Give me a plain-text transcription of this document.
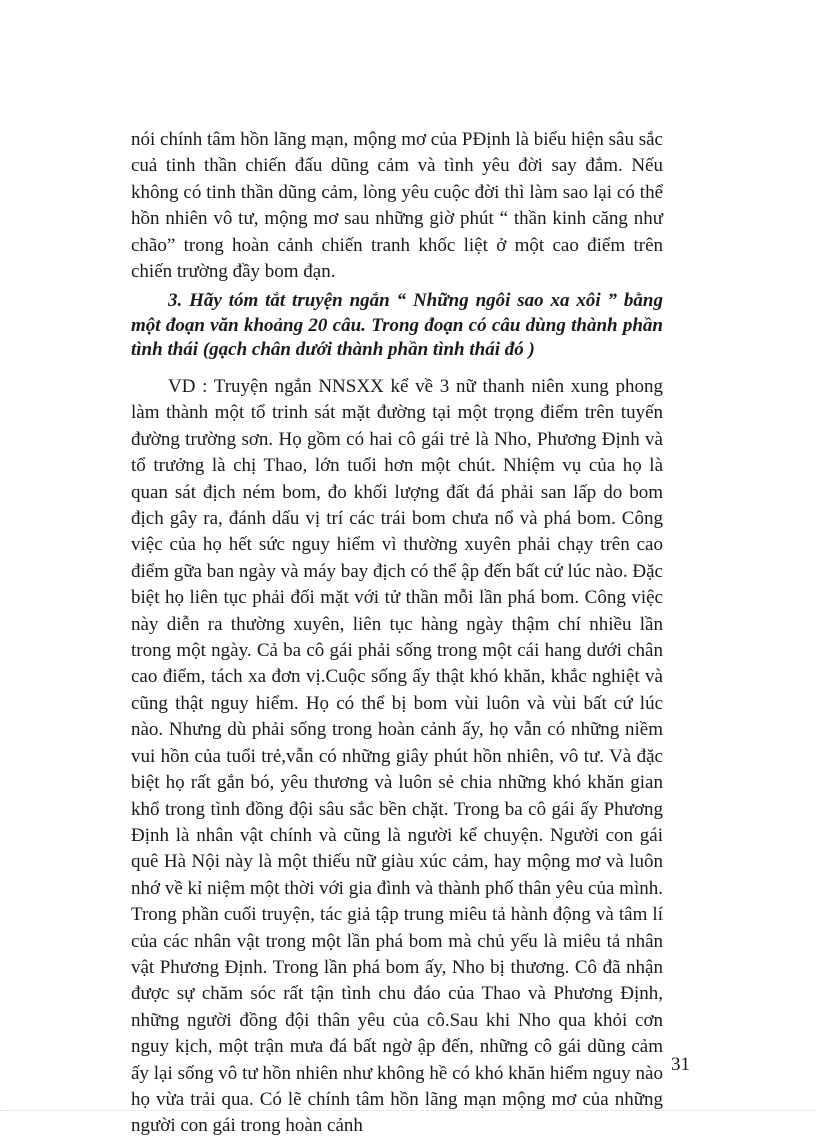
nói chính tâm hồn lãng mạn, mộng mơ của PĐịnh là biểu hiện sâu sắc cuả tinh thần chiến đấu dũng cảm và tình yêu đời say đắm. Nếu không có tinh thần dũng cảm, lòng yêu cuộc đời thì làm sao lại có thể hồn nhiên vô tư, mộng mơ sau những giờ phút “ thần kinh căng như chão” trong hoàn cảnh chiến tranh khốc liệt ở một cao điểm trên chiến trường đầy bom đạn.

3. Hãy tóm tắt truyện ngắn “ Những ngôi sao xa xôi ” bằng một đoạn văn khoảng 20 câu. Trong đoạn có câu dùng thành phần tình thái (gạch chân dưới thành phần tình thái đó )

VD : Truyện ngắn NNSXX kể về 3 nữ thanh niên xung phong làm thành một tổ trinh sát mặt đường tại một trọng điểm trên tuyến đường trường sơn. Họ gồm có hai cô gái trẻ là Nho, Phương Định và tổ trưởng là chị Thao, lớn tuổi hơn một chút. Nhiệm vụ của họ là quan sát địch ném bom, đo khối lượng đất đá phải san lấp do bom địch gây ra, đánh dấu vị trí các trái bom chưa nổ và phá bom. Công việc của họ hết sức nguy hiểm vì thường xuyên phải chạy trên cao điểm gữa ban ngày và máy bay địch có thể ập đến bất cứ lúc nào. Đặc biệt họ liên tục phải đối mặt với tử thần mỗi lần phá bom. Công việc này diễn ra thường xuyên, liên tục hàng ngày thậm chí nhiều lần trong một ngày. Cả ba cô gái phải sống trong một cái hang dưới chân cao điểm, tách xa đơn vị.Cuộc sống ấy thật khó khăn, khắc nghiệt và cũng thật nguy hiểm. Họ có thể bị bom vùi luôn và vùi bất cứ lúc nào. Nhưng dù phải sống trong hoàn cảnh ấy, họ vẫn có những niềm vui hồn của tuổi trẻ,vẫn có những giây phút hồn nhiên, vô tư. Và đặc biệt họ rất gắn bó, yêu thương và luôn sẻ chia những khó khăn gian khổ trong tình đồng đội sâu sắc bền chặt. Trong ba cô gái ấy Phương Định là nhân vật chính và cũng là người kể chuyện. Người con gái quê Hà Nội này là một thiếu nữ giàu xúc cảm, hay mộng mơ và luôn nhớ về kỉ niệm một thời với gia đình và thành phố thân yêu của mình. Trong phần cuối truyện, tác giả tập trung miêu tả hành động và tâm lí của các nhân vật trong một lần phá bom mà chủ yếu là miêu tả nhân vật Phương Định. Trong lần phá bom ấy, Nho bị thương. Cô đã nhận được sự chăm sóc rất tận tình chu đáo của Thao và Phương Định, những người đồng đội thân yêu của cô.Sau khi Nho qua khỏi cơn nguy kịch, một trận mưa đá bất ngờ ập đến, những cô gái dũng cảm ấy lại sống vô tư hồn nhiên như không hề có khó khăn hiểm nguy nào họ vừa trải qua. Có lẽ chính tâm hồn lãng mạn mộng mơ của những người con gái trong hoàn cảnh

31
